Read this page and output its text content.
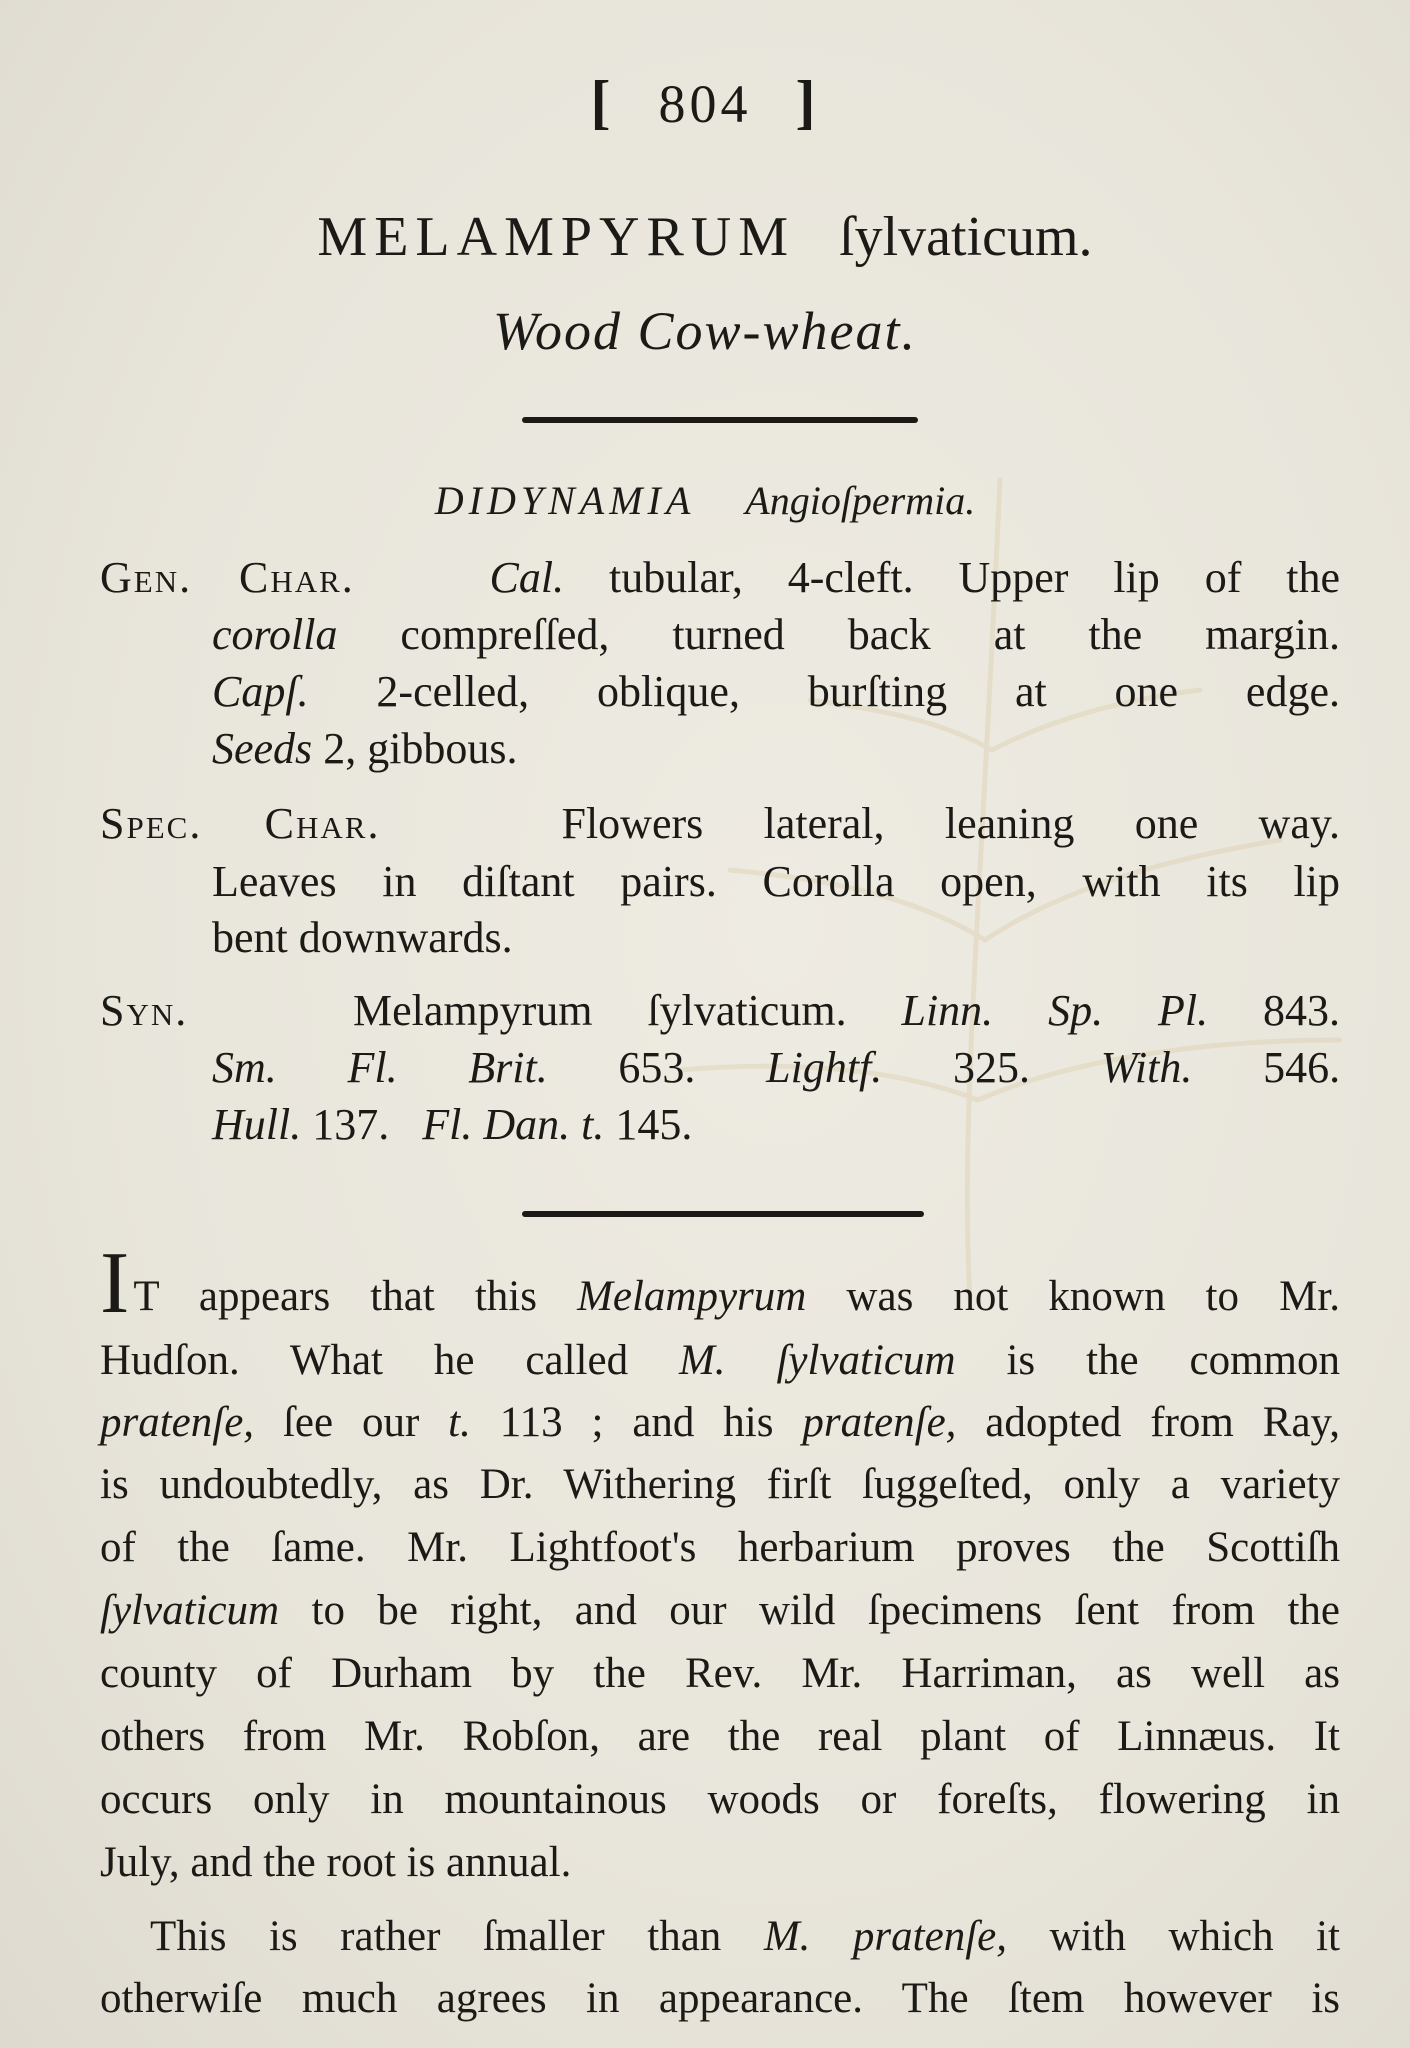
[ 804 ]
MELAMPYRUM ſylvaticum.
Wood Cow-wheat.
DIDYNAMIA Angioſpermia.
Gen. Char.	Cal. tubular, 4-cleft. Upper lip of the
corolla compreſſed, turned back at the margin.
Capſ. 2-celled, oblique, burſting at one edge.
Seeds 2, gibbous.
Spec. Char.	Flowers lateral, leaning one way.
Leaves in diſtant pairs. Corolla open, with its lip
bent downwards.
Syn.	Melampyrum ſylvaticum. Linn. Sp. Pl. 843.
Sm. Fl. Brit. 653. Lightf. 325. With. 546.
Hull. 137. Fl. Dan. t. 145.
IT appears that this Melampyrum was not known to Mr.
Hudſon. What he called M. ſylvaticum is the common
pratenſe, ſee our t. 113 ; and his pratenſe, adopted from Ray,
is undoubtedly, as Dr. Withering firſt ſuggeſted, only a variety
of the ſame. Mr. Lightfoot's herbarium proves the Scottiſh
ſylvaticum to be right, and our wild ſpecimens ſent from the
county of Durham by the Rev. Mr. Harriman, as well as
others from Mr. Robſon, are the real plant of Linnæus. It
occurs only in mountainous woods or foreſts, flowering in
July, and the root is annual.
This is rather ſmaller than M. pratenſe, with which it
otherwiſe much agrees in appearance. The ſtem however is
